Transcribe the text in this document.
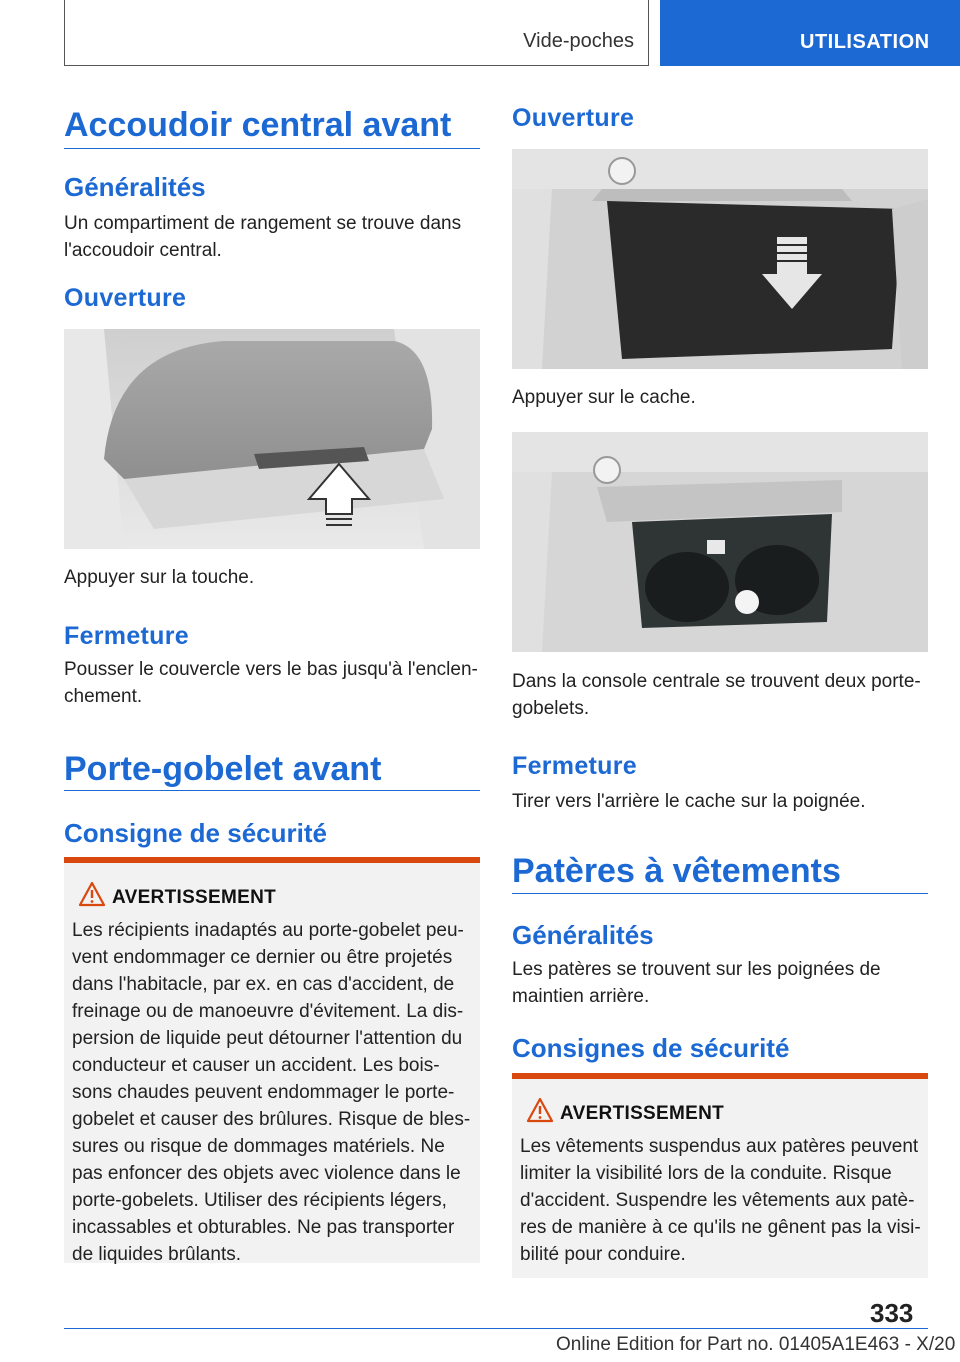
Vide-poches	UTILISATION
Accoudoir central avant
Généralités
Un compartiment de rangement se trouve dans l'accoudoir central.
Ouverture
Appuyer sur la touche.
Fermeture
Pousser le couvercle vers le bas jusqu'à l'enclen‐chement.
Porte-gobelet avant
Consigne de sécurité
AVERTISSEMENT
Les récipients inadaptés au porte-gobelet peu‐vent endommager ce dernier ou être projetés dans l'habitacle, par ex. en cas d'accident, de freinage ou de manoeuvre d'évitement. La dis‐persion de liquide peut détourner l'attention du conducteur et causer un accident. Les bois‐sons chaudes peuvent endommager le porte-gobelet et causer des brûlures. Risque de bles‐sures ou risque de dommages matériels. Ne pas enfoncer des objets avec violence dans le porte-gobelets. Utiliser des récipients légers, incassables et obturables. Ne pas transporter de liquides brûlants.
Ouverture
Appuyer sur le cache.
Dans la console centrale se trouvent deux porte-gobelets.
Fermeture
Tirer vers l'arrière le cache sur la poignée.
Patères à vêtements
Généralités
Les patères se trouvent sur les poignées de maintien arrière.
Consignes de sécurité
AVERTISSEMENT
Les vêtements suspendus aux patères peuvent limiter la visibilité lors de la conduite. Risque d'accident. Suspendre les vêtements aux patè‐res de manière à ce qu'ils ne gênent pas la visi‐bilité pour conduire.
333
Online Edition for Part no. 01405A1E463 - X/20
